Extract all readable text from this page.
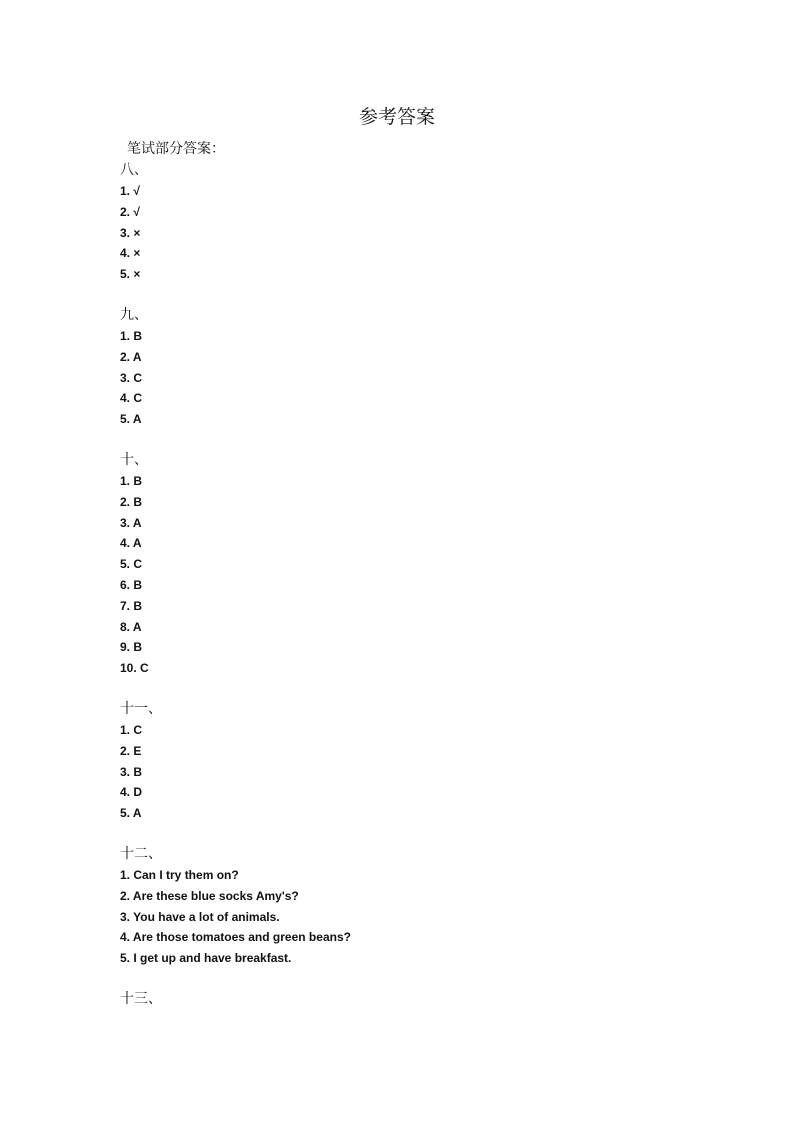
参考答案
笔试部分答案：
八、
1. √
2. √
3. ×
4. ×
5. ×
九、
1. B
2. A
3. C
4. C
5. A
十、
1. B
2. B
3. A
4. A
5. C
6. B
7. B
8. A
9. B
10. C
十一、
1. C
2. E
3. B
4. D
5. A
十二、
1. Can I try them on?
2. Are these blue socks Amy's?
3. You have a lot of animals.
4. Are those tomatoes and green beans?
5. I get up and have breakfast.
十三、
